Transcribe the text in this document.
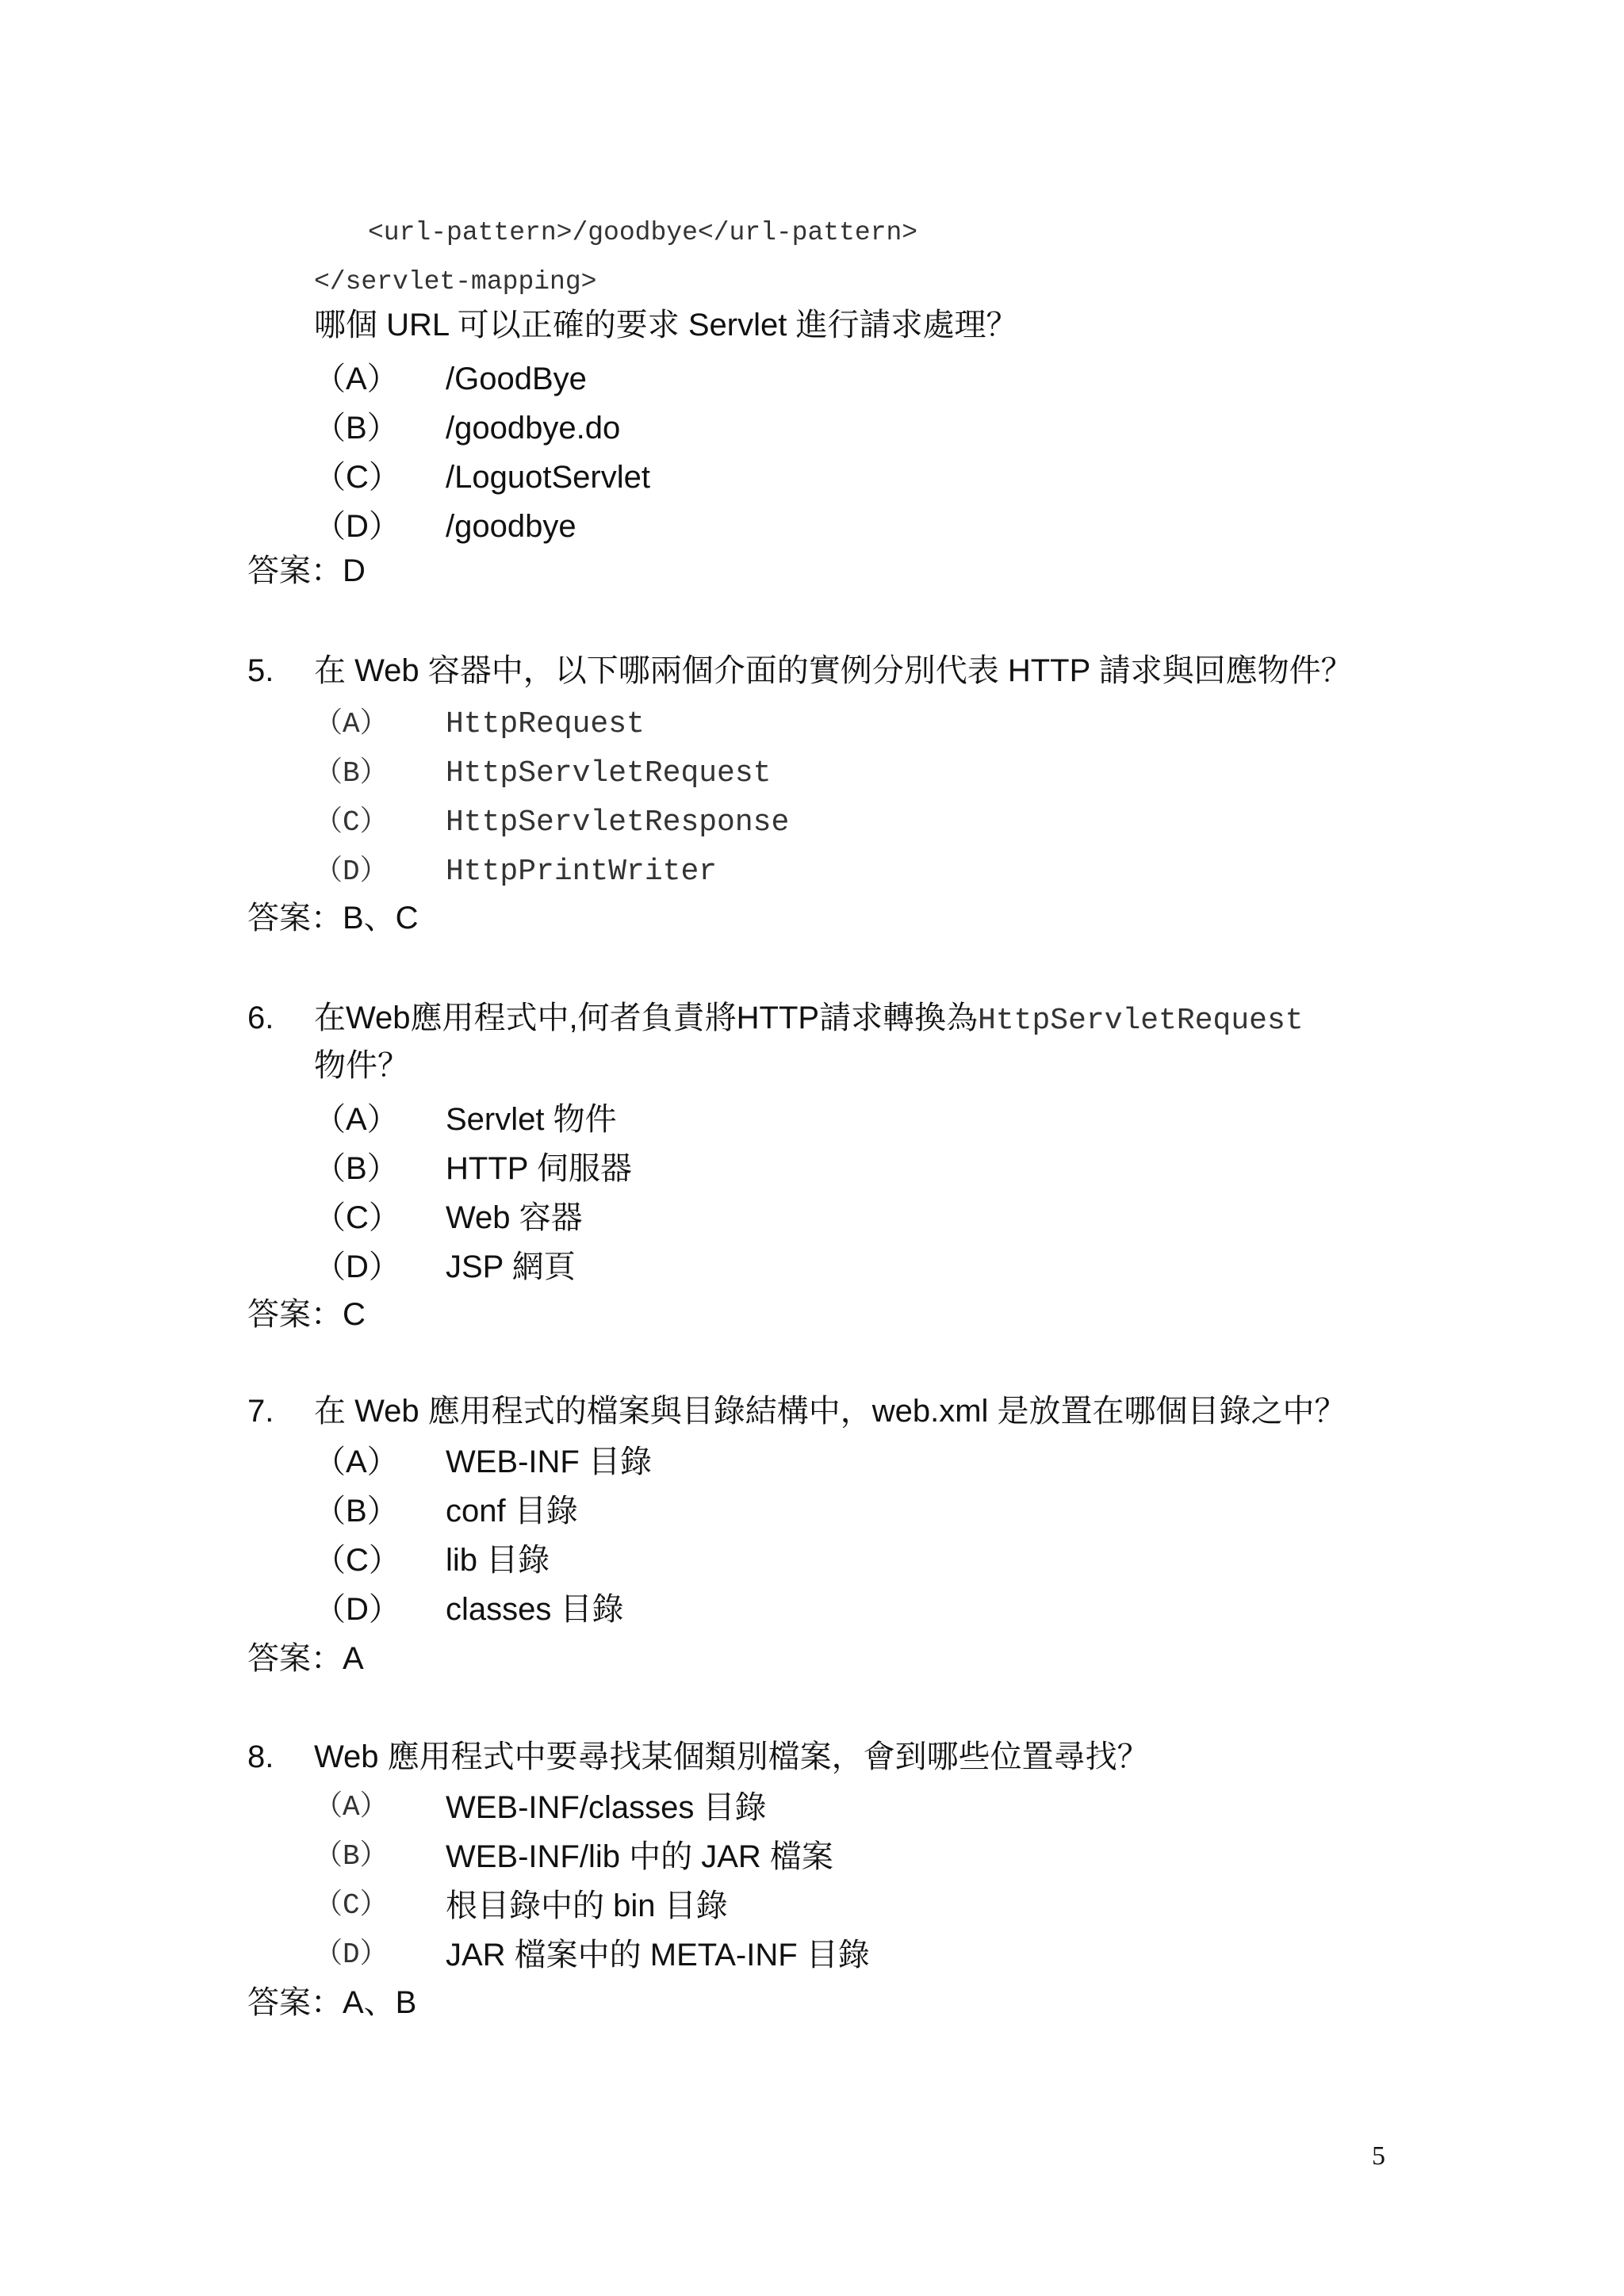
<url-pattern>/goodbye</url-pattern>
</servlet-mapping>
哪個 URL 可以正確的要求 Servlet 進行請求處理？
（A） /GoodBye
（B） /goodbye.do
（C） /LoguotServlet
（D） /goodbye
答案：D
5. 在 Web 容器中，以下哪兩個介面的實例分別代表 HTTP 請求與回應物件？
（A） HttpRequest
（B） HttpServletRequest
（C） HttpServletResponse
（D） HttpPrintWriter
答案：B、C
6. 在Web應用程式中,何者負責將HTTP請求轉換為HttpServletRequest
物件？
（A） Servlet 物件
（B） HTTP 伺服器
（C） Web 容器
（D） JSP 網頁
答案：C
7. 在 Web 應用程式的檔案與目錄結構中，web.xml 是放置在哪個目錄之中？
（A） WEB-INF 目錄
（B） conf 目錄
（C） lib 目錄
（D） classes 目錄
答案：A
8. Web 應用程式中要尋找某個類別檔案，會到哪些位置尋找？
（A） WEB-INF/classes 目錄
（B） WEB-INF/lib 中的 JAR 檔案
（C） 根目錄中的 bin 目錄
（D） JAR 檔案中的 META-INF 目錄
答案：A、B
5
